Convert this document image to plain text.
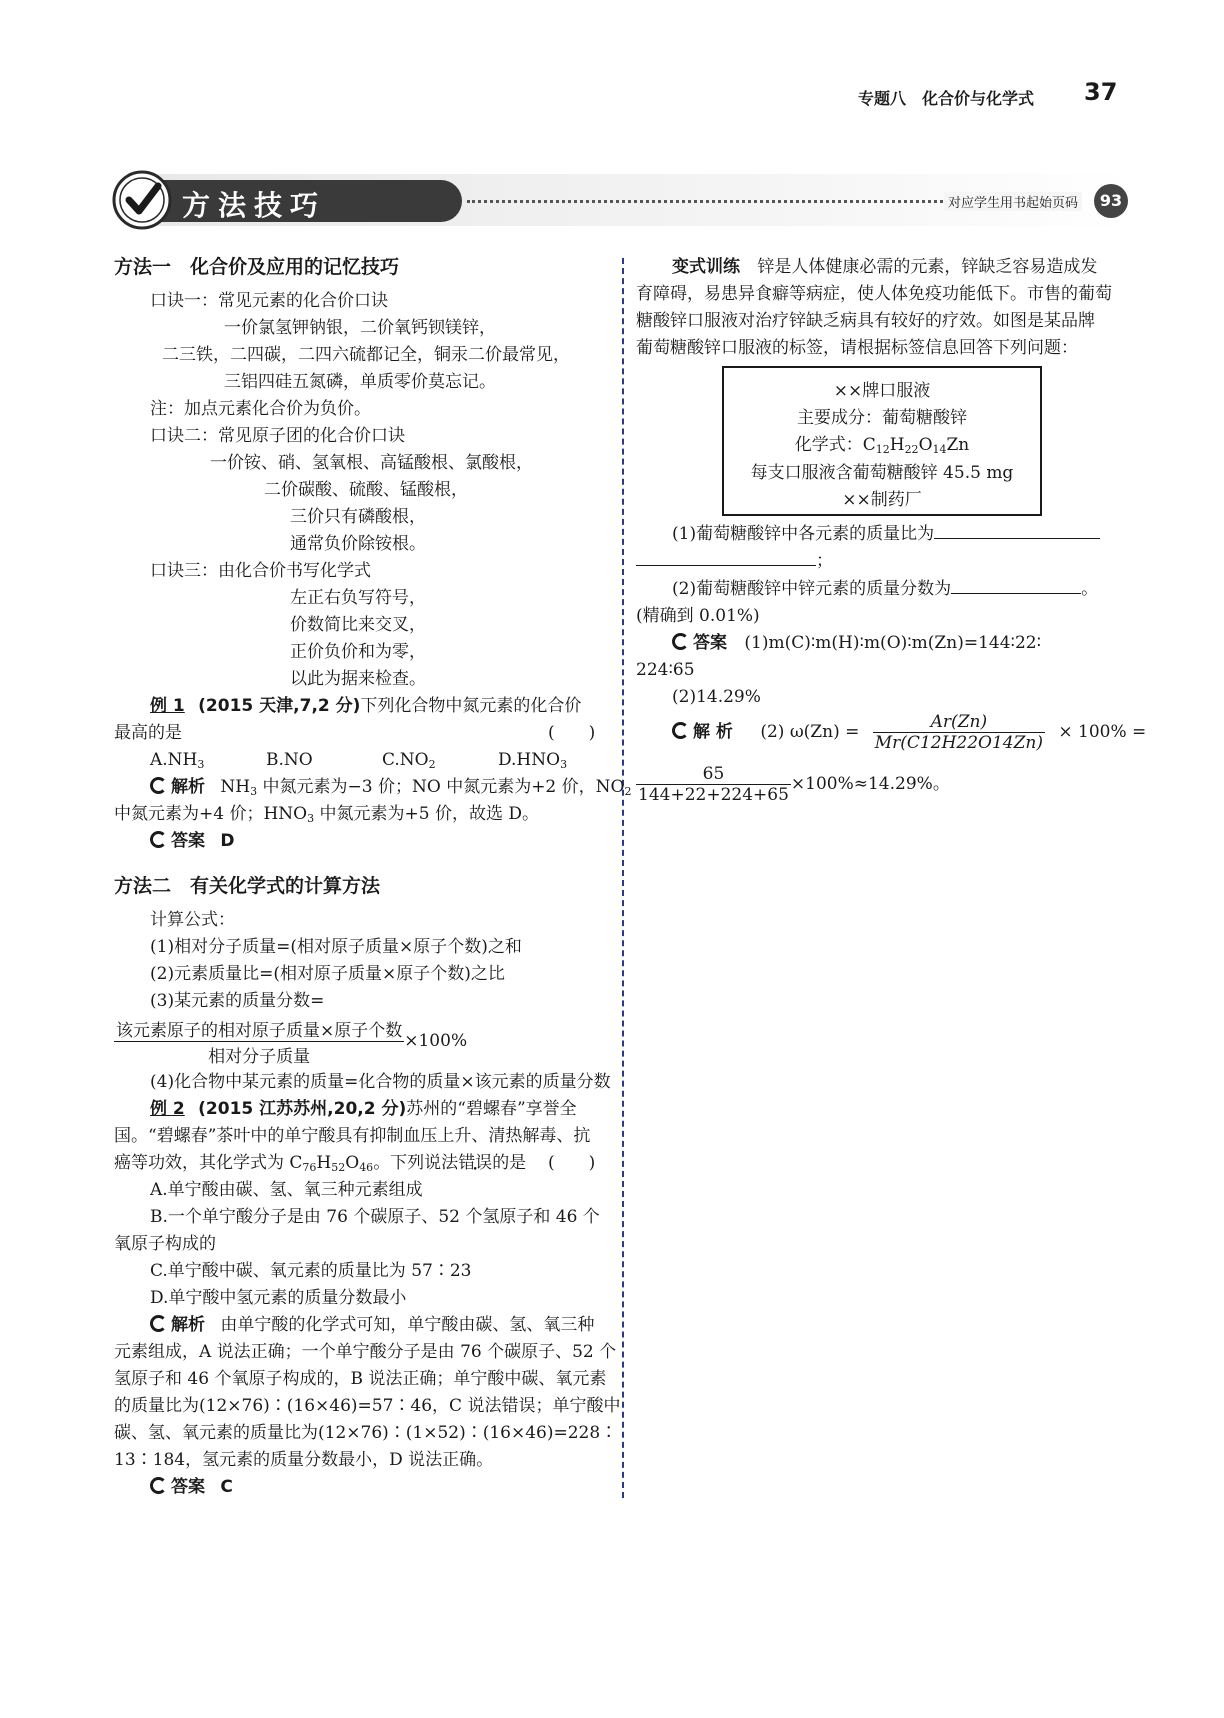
专题八　化合价与化学式 37
方法技巧	对应学生用书起始页码	93
方法一　化合价及应用的记忆技巧
口诀一：常见元素的化合价口诀
一价氯氢钾钠银，二价氧钙钡镁锌，
二三铁，二四碳，二四六硫都记全，铜汞二价最常见，
三铝四硅五氮磷，单质零价莫忘记。
注：加点元素化合价为负价。
口诀二：常见原子团的化合价口诀
一价铵、硝、氢氧根、高锰酸根、氯酸根，
二价碳酸、硫酸、锰酸根，
三价只有磷酸根，
通常负价除铵根。
口诀三：由化合价书写化学式
左正右负写符号，
价数简比来交叉，
正价负价和为零，
以此为据来检查。
例 1 (2015 天津,7,2 分)下列化合物中氮元素的化合价
最高的是	(　　)
$A.NH_3$	B.NO	$C.NO_2$	$D.HNO_3$
解析 $NH_3$ 中氮元素为−3 价；NO 中氮元素为+2 价，$NO_2$
中氮元素为+4 价；$HNO_3$ 中氮元素为+5 价，故选 D。
答案 D
方法二　有关化学式的计算方法
计算公式：
(1)相对分子质量=(相对原子质量×原子个数)之和
(2)元素质量比=(相对原子质量×原子个数)之比
(3)某元素的质量分数=
$\frac{\text{该元素原子的相对原子质量×原子个数}}{\text{相对分子质量}} \times 100\%$
(4)化合物中某元素的质量=化合物的质量×该元素的质量分数
例 2 (2015 江苏苏州,20,2 分)苏州的“碧螺春”享誉全
国。“碧螺春”茶叶中的单宁酸具有抑制血压上升、清热解毒、抗
癌等功效，其化学式为 $C_{76}H_{52}O_{46}$。下列说法错误的是 (　　)
A.单宁酸由碳、氢、氧三种元素组成
B.一个单宁酸分子是由 76 个碳原子、52 个氢原子和 46 个
氧原子构成的
C.单宁酸中碳、氧元素的质量比为 57∶23
D.单宁酸中氢元素的质量分数最小
解析 由单宁酸的化学式可知，单宁酸由碳、氢、氧三种
元素组成，A 说法正确；一个单宁酸分子是由 76 个碳原子、52 个
氢原子和 46 个氧原子构成的，B 说法正确；单宁酸中碳、氧元素
的质量比为(12×76)∶(16×46)=57∶46，C 说法错误；单宁酸中
碳、氢、氧元素的质量比为(12×76)∶(1×52)∶(16×46)=228∶
13∶184，氢元素的质量分数最小，D 说法正确。
答案 C
变式训练 锌是人体健康必需的元素，锌缺乏容易造成发
育障碍，易患异食癖等病症，使人体免疫功能低下。市售的葡萄
糖酸锌口服液对治疗锌缺乏病具有较好的疗效。如图是某品牌
葡萄糖酸锌口服液的标签，请根据标签信息回答下列问题：
××牌口服液
主要成分：葡萄糖酸锌
化学式：$C_{12}H_{22}O_{14}Zn$
每支口服液含葡萄糖酸锌 45.5 mg
××制药厂
(1)葡萄糖酸锌中各元素的质量比为
；
(2)葡萄糖酸锌中锌元素的质量分数为	。
(精确到 0.01%)
答案 (1)m(C)∶m(H)∶m(O)∶m(Zn)=144∶22∶
224∶65
(2)14.29%
解 析 (2) $\omega(Zn) = \frac{Ar(Zn)}{Mr(C12H22O14Zn)} \times 100\%$ =
$\frac{65}{144+22+224+65} \times 100\%\approx 14.29\%$。
